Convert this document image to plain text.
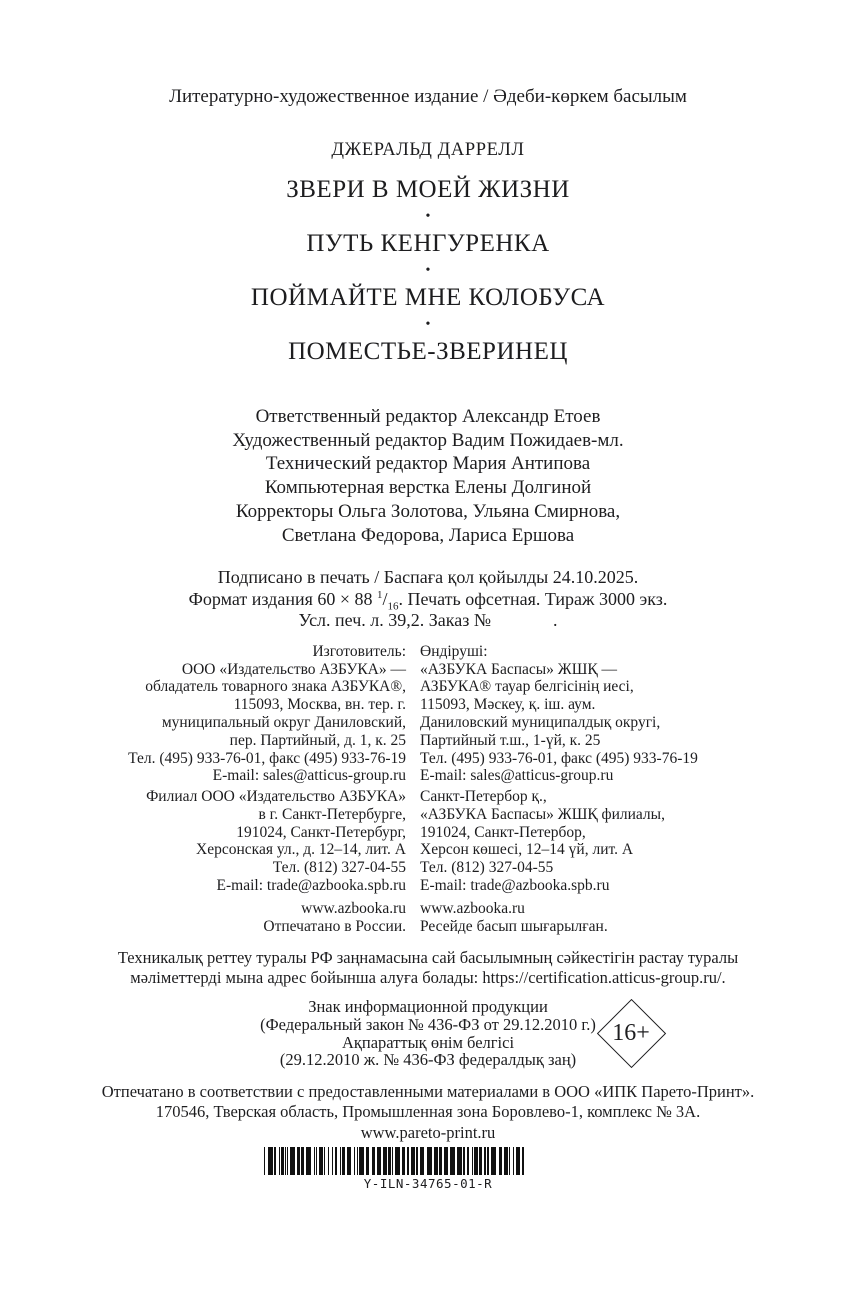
Литературно-художественное издание / Әдеби-көркем басылым
ДЖЕРАЛЬД ДАРРЕЛЛ
ЗВЕРИ В МОЕЙ ЖИЗНИ
•
ПУТЬ КЕНГУРЕНКА
•
ПОЙМАЙТЕ МНЕ КОЛОБУСА
•
ПОМЕСТЬЕ-ЗВЕРИНЕЦ
Ответственный редактор Александр Етоев
Художественный редактор Вадим Пожидаев-мл.
Технический редактор Мария Антипова
Компьютерная верстка Елены Долгиной
Корректоры Ольга Золотова, Ульяна Смирнова,
Светлана Федорова, Лариса Ершова
Подписано в печать / Баспаға қол қойылды 24.10.2025.
Формат издания 60 × 88 $^1/_{16}$. Печать офсетная. Тираж 3000 экз.
Усл. печ. л. 39,2. Заказ №	.
Изготовитель:
ООО «Издательство АЗБУКА» —
обладатель товарного знака АЗБУКА®,
115093, Москва, вн. тер. г.
муниципальный округ Даниловский,
пер. Партийный, д. 1, к. 25
Тел. (495) 933-76-01, факс (495) 933-76-19
E-mail: sales@atticus-group.ru
Өндіруші:
«АЗБУКА Баспасы» ЖШҚ —
АЗБУКА® тауар белгісінің иесі,
115093, Мәскеу, қ. іш. аум.
Даниловский муниципалдық округі,
Партийный т.ш., 1-үй, к. 25
Тел. (495) 933-76-01, факс (495) 933-76-19
E-mail: sales@atticus-group.ru
Филиал ООО «Издательство АЗБУКА»
в г. Санкт-Петербурге,
191024, Санкт-Петербург,
Херсонская ул., д. 12–14, лит. А
Тел. (812) 327-04-55
E-mail: trade@azbooka.spb.ru
Санкт-Петербор қ.,
«АЗБУКА Баспасы» ЖШҚ филиалы,
191024, Санкт-Петербор,
Херсон көшесі, 12–14 үй, лит. А
Тел. (812) 327-04-55
E-mail: trade@azbooka.spb.ru
www.azbooka.ru
Отпечатано в России.
www.azbooka.ru
Ресейде басып шығарылған.
Техникалық реттеу туралы РФ заңнамасына сай басылымның сәйкестігін растау туралы
мәліметтерді мына адрес бойынша алуға болады: https://certification.atticus-group.ru/.
Знак информационной продукции
(Федеральный закон № 436-ФЗ от 29.12.2010 г.)
Ақпараттық өнім белгісі
(29.12.2010 ж. № 436-ФЗ федералдық заң)
16+
Отпечатано в соответствии с предоставленными материалами в ООО «ИПК Парето-Принт».
170546, Тверская область, Промышленная зона Боровлево-1, комплекс № 3А.
www.pareto-print.ru
Y-ILN-34765-01-R
